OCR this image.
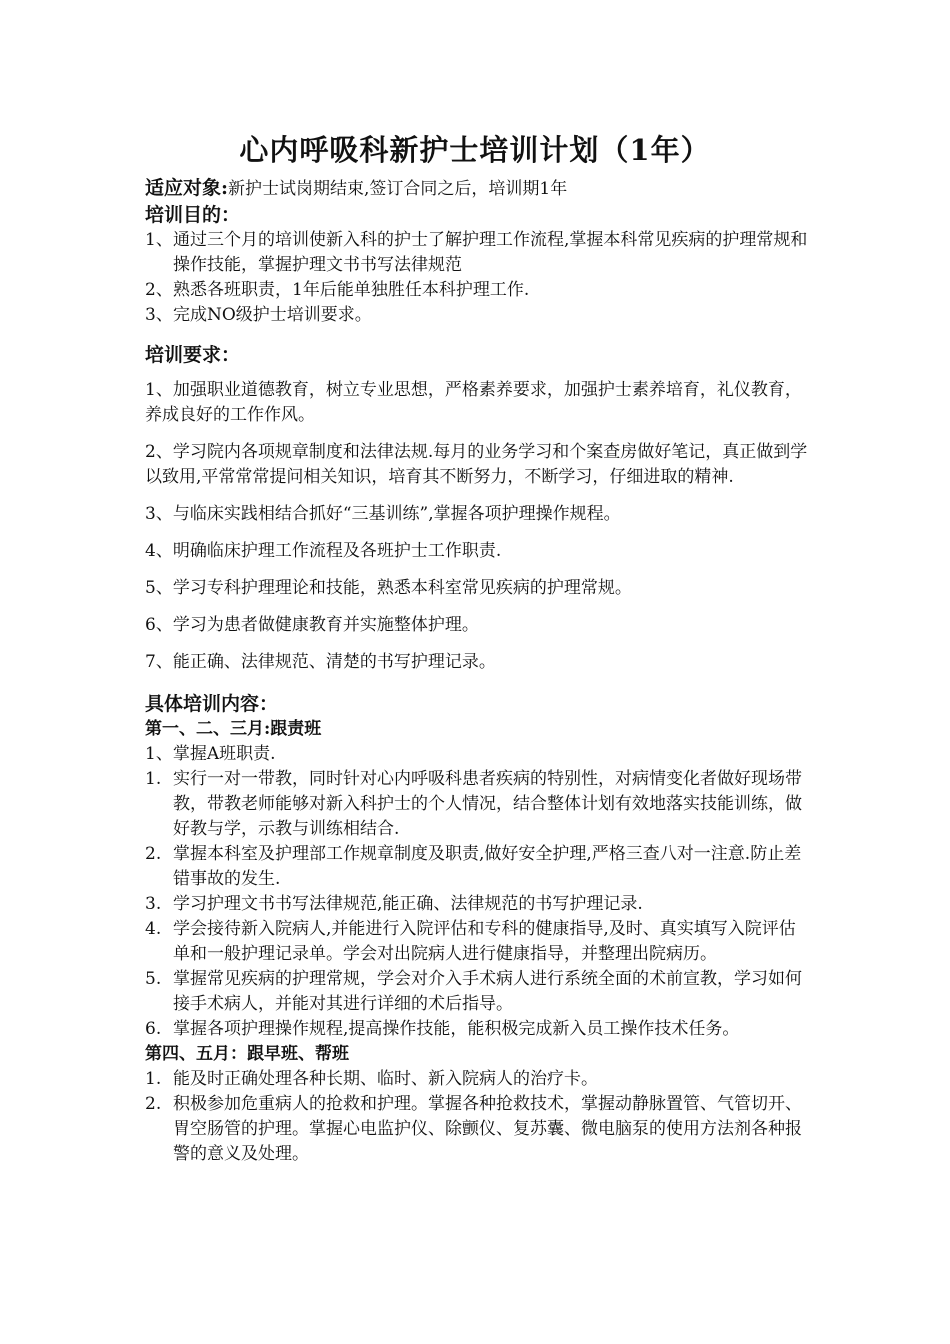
心内呼吸科新护士培训计划（1年）

适应对象:新护士试岗期结束,签订合同之后，培训期1年

培训目的：

1、 通过三个月的培训使新入科的护士了解护理工作流程,掌握本科常见疾病的护理常规和操作技能，掌握护理文书书写法律规范
2、 熟悉各班职责，1年后能单独胜任本科护理工作.
3、 完成NO级护士培训要求。

培训要求：

1、加强职业道德教育，树立专业思想，严格素养要求，加强护士素养培育，礼仪教育，养成良好的工作作风。

2、学习院内各项规章制度和法律法规.每月的业务学习和个案查房做好笔记，真正做到学以致用,平常常常提问相关知识，培育其不断努力，不断学习，仔细进取的精神.

3、与临床实践相结合抓好“三基训练”,掌握各项护理操作规程。

4、明确临床护理工作流程及各班护士工作职责.

5、学习专科护理理论和技能，熟悉本科室常见疾病的护理常规。

6、学习为患者做健康教育并实施整体护理。

7、能正确、法律规范、清楚的书写护理记录。

具体培训内容：

第一、二、三月:跟责班

1、掌握A班职责.

1. 实行一对一带教，同时针对心内呼吸科患者疾病的特别性，对病情变化者做好现场带教，带教老师能够对新入科护士的个人情况，结合整体计划有效地落实技能训练，做好教与学，示教与训练相结合.
2. 掌握本科室及护理部工作规章制度及职责,做好安全护理,严格三查八对一注意.防止差错事故的发生.
3. 学习护理文书书写法律规范,能正确、法律规范的书写护理记录.
4. 学会接待新入院病人,并能进行入院评估和专科的健康指导,及时、真实填写入院评估单和一般护理记录单。学会对出院病人进行健康指导，并整理出院病历。
5. 掌握常见疾病的护理常规，学会对介入手术病人进行系统全面的术前宣教，学习如何接手术病人，并能对其进行详细的术后指导。
6. 掌握各项护理操作规程,提高操作技能，能积极完成新入员工操作技术任务。

第四、五月：跟早班、帮班

1. 能及时正确处理各种长期、临时、新入院病人的治疗卡。
2. 积极参加危重病人的抢救和护理。掌握各种抢救技术，掌握动静脉置管、气管切开、胃空肠管的护理。掌握心电监护仪、除颤仪、复苏囊、微电脑泵的使用方法剂各种报警的意义及处理。
